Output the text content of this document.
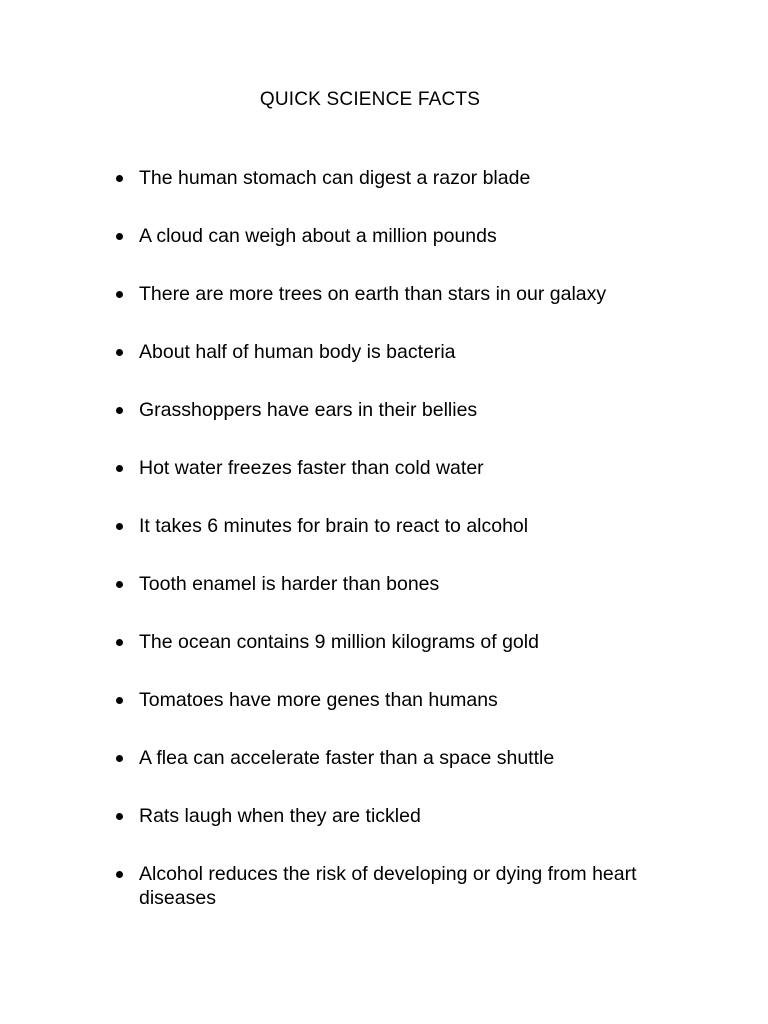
QUICK SCIENCE FACTS
The human stomach can digest a razor blade
A cloud can weigh about a million pounds
There are more trees on earth than stars in our galaxy
About half of human body is bacteria
Grasshoppers have ears in their bellies
Hot water freezes faster than cold water
It takes 6 minutes for brain to react to alcohol
Tooth enamel is harder than bones
The ocean contains 9 million kilograms of gold
Tomatoes have more genes than humans
A flea can accelerate faster than a space shuttle
Rats laugh when they are tickled
Alcohol reduces the risk of developing or dying from heart diseases
